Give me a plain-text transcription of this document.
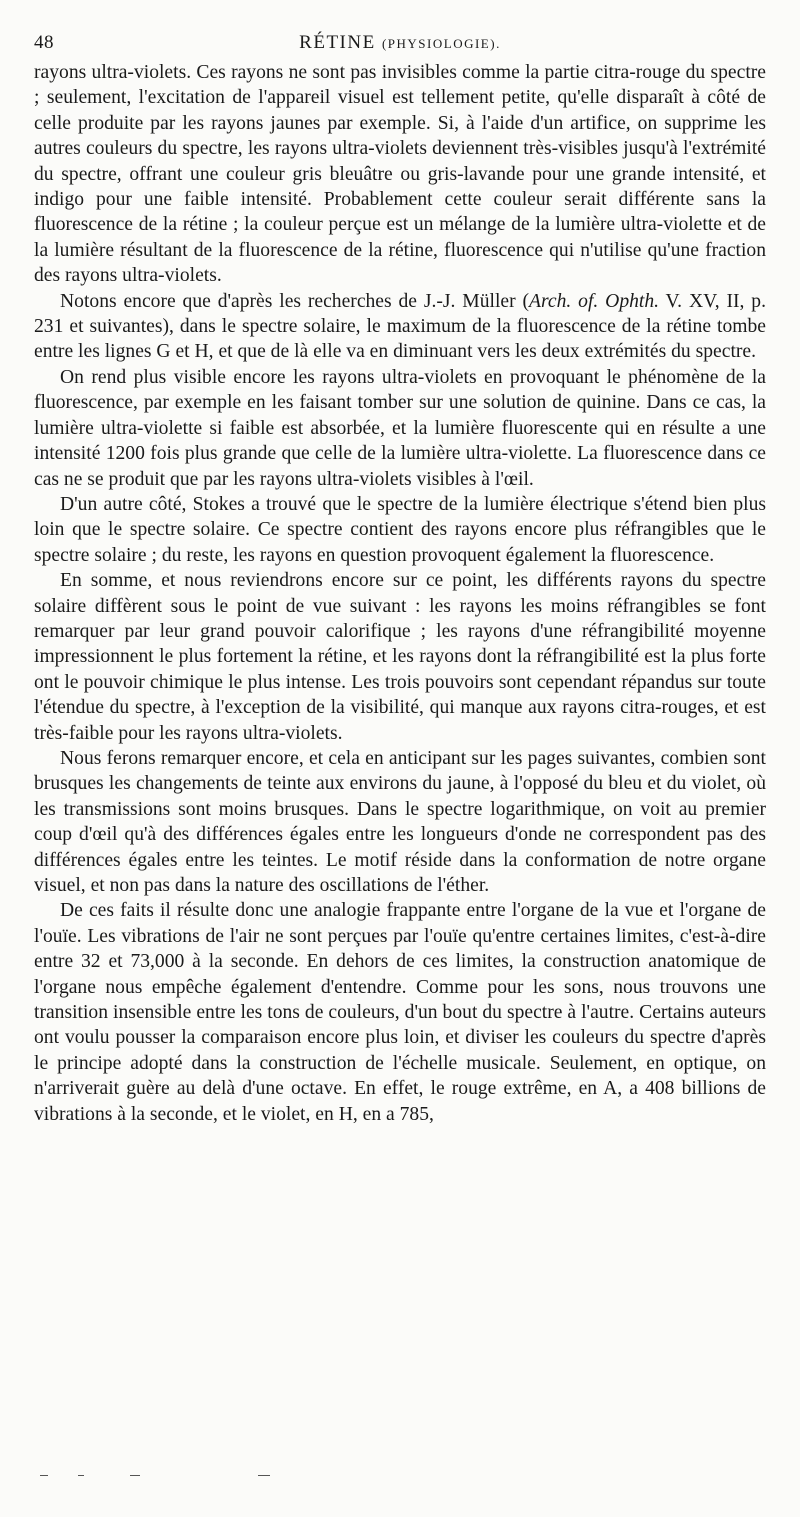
48	RÉTINE (PHYSIOLOGIE).

rayons ultra-violets. Ces rayons ne sont pas invisibles comme la partie citra-rouge du spectre ; seulement, l'excitation de l'appareil visuel est tellement petite, qu'elle disparaît à côté de celle produite par les rayons jaunes par exemple. Si, à l'aide d'un artifice, on supprime les autres couleurs du spectre, les rayons ultra-violets deviennent très-visibles jusqu'à l'extrémité du spectre, offrant une couleur gris bleuâtre ou gris-lavande pour une grande intensité, et indigo pour une faible intensité. Probablement cette couleur serait différente sans la fluorescence de la rétine ; la couleur perçue est un mélange de la lumière ultra-violette et de la lumière résultant de la fluorescence de la rétine, fluorescence qui n'utilise qu'une fraction des rayons ultra-violets.

Notons encore que d'après les recherches de J.-J. Müller (Arch. of. Ophth. V. XV, II, p. 231 et suivantes), dans le spectre solaire, le maximum de la fluorescence de la rétine tombe entre les lignes G et H, et que de là elle va en diminuant vers les deux extrémités du spectre.

On rend plus visible encore les rayons ultra-violets en provoquant le phénomène de la fluorescence, par exemple en les faisant tomber sur une solution de quinine. Dans ce cas, la lumière ultra-violette si faible est absorbée, et la lumière fluorescente qui en résulte a une intensité 1200 fois plus grande que celle de la lumière ultra-violette. La fluorescence dans ce cas ne se produit que par les rayons ultra-violets visibles à l'œil.

D'un autre côté, Stokes a trouvé que le spectre de la lumière électrique s'étend bien plus loin que le spectre solaire. Ce spectre contient des rayons encore plus réfrangibles que le spectre solaire ; du reste, les rayons en question provoquent également la fluorescence.

En somme, et nous reviendrons encore sur ce point, les différents rayons du spectre solaire diffèrent sous le point de vue suivant : les rayons les moins réfrangibles se font remarquer par leur grand pouvoir calorifique ; les rayons d'une réfrangibilité moyenne impressionnent le plus fortement la rétine, et les rayons dont la réfrangibilité est la plus forte ont le pouvoir chimique le plus intense. Les trois pouvoirs sont cependant répandus sur toute l'étendue du spectre, à l'exception de la visibilité, qui manque aux rayons citra-rouges, et est très-faible pour les rayons ultra-violets.

Nous ferons remarquer encore, et cela en anticipant sur les pages suivantes, combien sont brusques les changements de teinte aux environs du jaune, à l'opposé du bleu et du violet, où les transmissions sont moins brusques. Dans le spectre logarithmique, on voit au premier coup d'œil qu'à des différences égales entre les longueurs d'onde ne correspondent pas des différences égales entre les teintes. Le motif réside dans la conformation de notre organe visuel, et non pas dans la nature des oscillations de l'éther.

De ces faits il résulte donc une analogie frappante entre l'organe de la vue et l'organe de l'ouïe. Les vibrations de l'air ne sont perçues par l'ouïe qu'entre certaines limites, c'est-à-dire entre 32 et 73,000 à la seconde. En dehors de ces limites, la construction anatomique de l'organe nous empêche également d'entendre. Comme pour les sons, nous trouvons une transition insensible entre les tons de couleurs, d'un bout du spectre à l'autre. Certains auteurs ont voulu pousser la comparaison encore plus loin, et diviser les couleurs du spectre d'après le principe adopté dans la construction de l'échelle musicale. Seulement, en optique, on n'arriverait guère au delà d'une octave. En effet, le rouge extrême, en A, a 408 billions de vibrations à la seconde, et le violet, en H, en a 785,
